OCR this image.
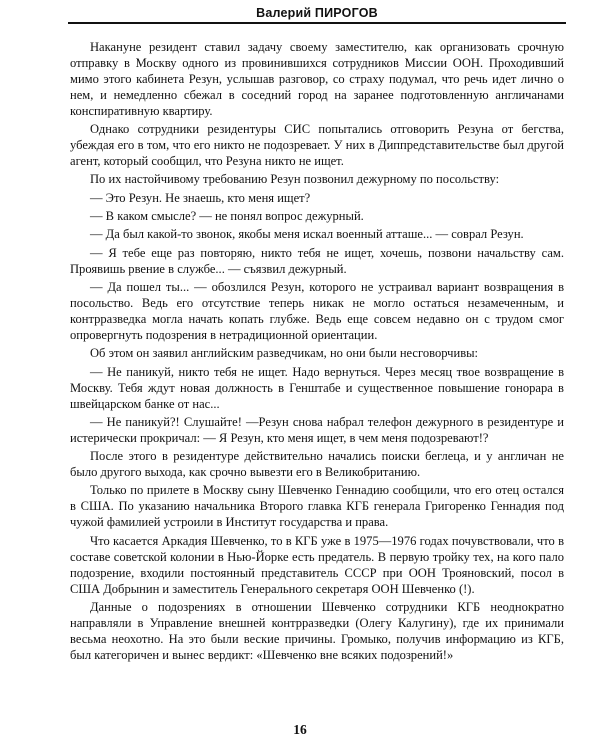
Валерий ПИРОГОВ

Накануне резидент ставил задачу своему заместителю, как организовать срочную отправку в Москву одного из провинившихся сотрудников Миссии ООН. Проходивший мимо этого кабинета Резун, услышав разговор, со страху подумал, что речь идет лично о нем, и немедленно сбежал в соседний город на заранее подготовленную англичанами конспиративную квартиру.

Однако сотрудники резидентуры СИС попытались отговорить Резуна от бегства, убеждая его в том, что его никто не подозревает. У них в Диппредставительстве был другой агент, который сообщил, что Резуна никто не ищет.

По их настойчивому требованию Резун позвонил дежурному по посольству:

— Это Резун. Не знаешь, кто меня ищет?

— В каком смысле? — не понял вопрос дежурный.

— Да был какой-то звонок, якобы меня искал военный атташе... — соврал Резун.

— Я тебе еще раз повторяю, никто тебя не ищет, хочешь, позвони начальству сам. Проявишь рвение в службе... — съязвил дежурный.

— Да пошел ты... — обозлился Резун, которого не устраивал вариант возвращения в посольство. Ведь его отсутствие теперь никак не могло остаться незамеченным, и контрразведка могла начать копать глубже. Ведь еще совсем недавно он с трудом смог опровергнуть подозрения в нетрадиционной ориентации.

Об этом он заявил английским разведчикам, но они были несговорчивы:

— Не паникуй, никто тебя не ищет. Надо вернуться. Через месяц твое возвращение в Москву. Тебя ждут новая должность в Генштабе и существенное повышение гонорара в швейцарском банке от нас...

— Не паникуй?! Слушайте! —Резун снова набрал телефон дежурного в резидентуре и истерически прокричал: — Я Резун, кто меня ищет, в чем меня подозревают!?

После этого в резидентуре действительно начались поиски беглеца, и у англичан не было другого выхода, как срочно вывезти его в Великобританию.

Только по прилете в Москву сыну Шевченко Геннадию сообщили, что его отец остался в США. По указанию начальника Второго главка КГБ генерала Григоренко Геннадия под чужой фамилией устроили в Институт государства и права.

Что касается Аркадия Шевченко, то в КГБ уже в 1975—1976 годах почувствовали, что в составе советской колонии в Нью-Йорке есть предатель. В первую тройку тех, на кого пало подозрение, входили постоянный представитель СССР при ООН Трояновский, посол в США Добрынин и заместитель Генерального секретаря ООН Шевченко (!).

Данные о подозрениях в отношении Шевченко сотрудники КГБ неоднократно направляли в Управление внешней контрразведки (Олегу Калугину), где их принимали весьма неохотно. На это были веские причины. Громыко, получив информацию из КГБ, был категоричен и вынес вердикт: «Шевченко вне всяких подозрений!»

16
